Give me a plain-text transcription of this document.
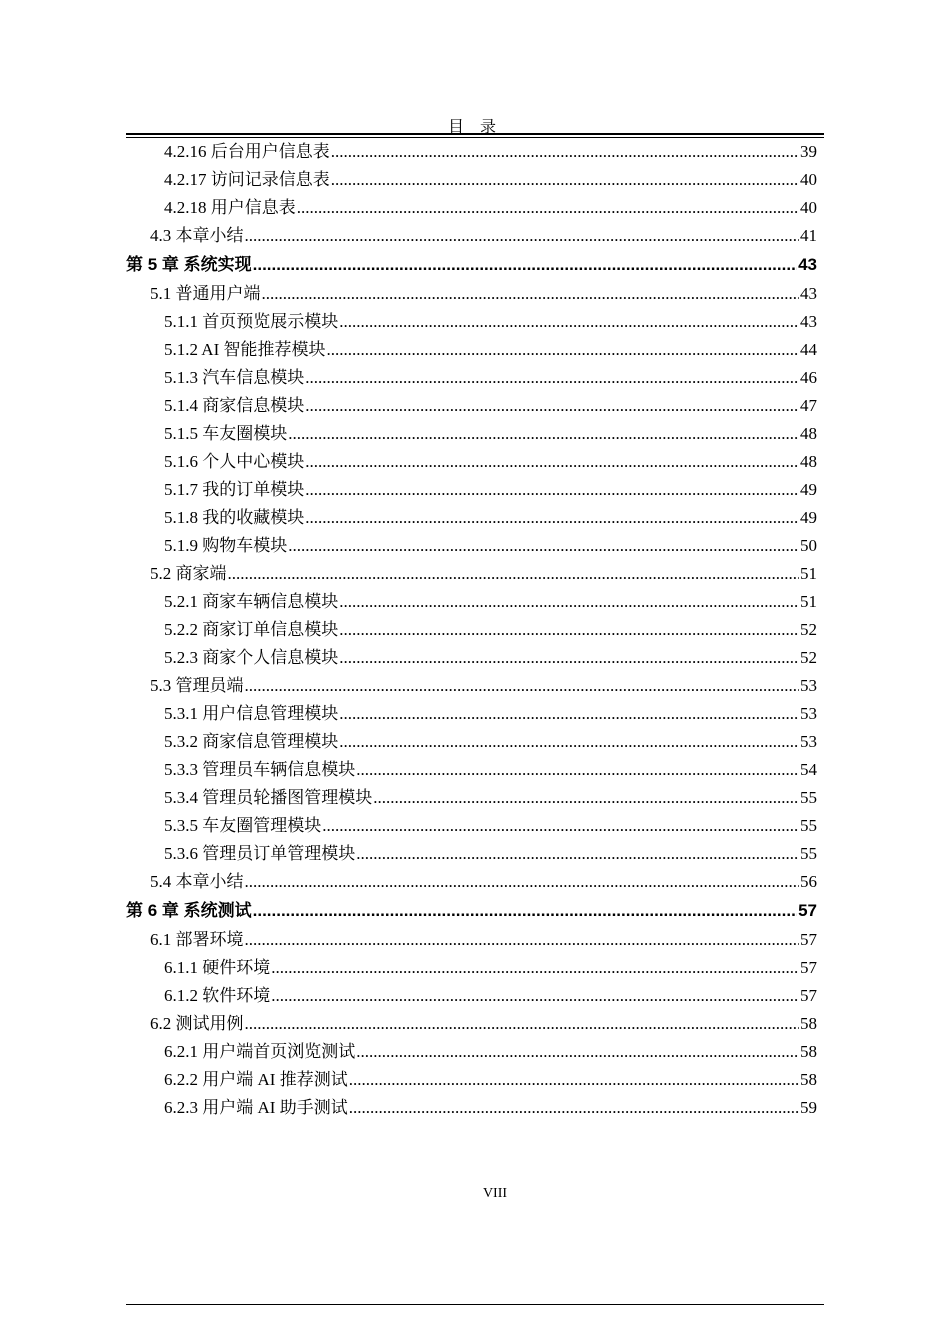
目 录
4.2.16 后台用户信息表 .....	39
4.2.17 访问记录信息表 .....	40
4.2.18 用户信息表 .....	40
4.3 本章小结 .....	41
第 5 章 系统实现 .....	43
5.1 普通用户端 .....	43
5.1.1 首页预览展示模块 .....	43
5.1.2 AI 智能推荐模块 .....	44
5.1.3 汽车信息模块 .....	46
5.1.4 商家信息模块 .....	47
5.1.5 车友圈模块 .....	48
5.1.6 个人中心模块 .....	48
5.1.7 我的订单模块 .....	49
5.1.8 我的收藏模块 .....	49
5.1.9 购物车模块 .....	50
5.2 商家端 .....	51
5.2.1 商家车辆信息模块 .....	51
5.2.2 商家订单信息模块 .....	52
5.2.3 商家个人信息模块 .....	52
5.3 管理员端 .....	53
5.3.1 用户信息管理模块 .....	53
5.3.2 商家信息管理模块 .....	53
5.3.3 管理员车辆信息模块 .....	54
5.3.4 管理员轮播图管理模块 .....	55
5.3.5 车友圈管理模块 .....	55
5.3.6 管理员订单管理模块 .....	55
5.4 本章小结 .....	56
第 6 章 系统测试 .....	57
6.1 部署环境 .....	57
6.1.1 硬件环境 .....	57
6.1.2 软件环境 .....	57
6.2 测试用例 .....	58
6.2.1 用户端首页浏览测试 .....	58
6.2.2 用户端 AI 推荐测试 .....	58
6.2.3 用户端 AI 助手测试 .....	59
VIII
